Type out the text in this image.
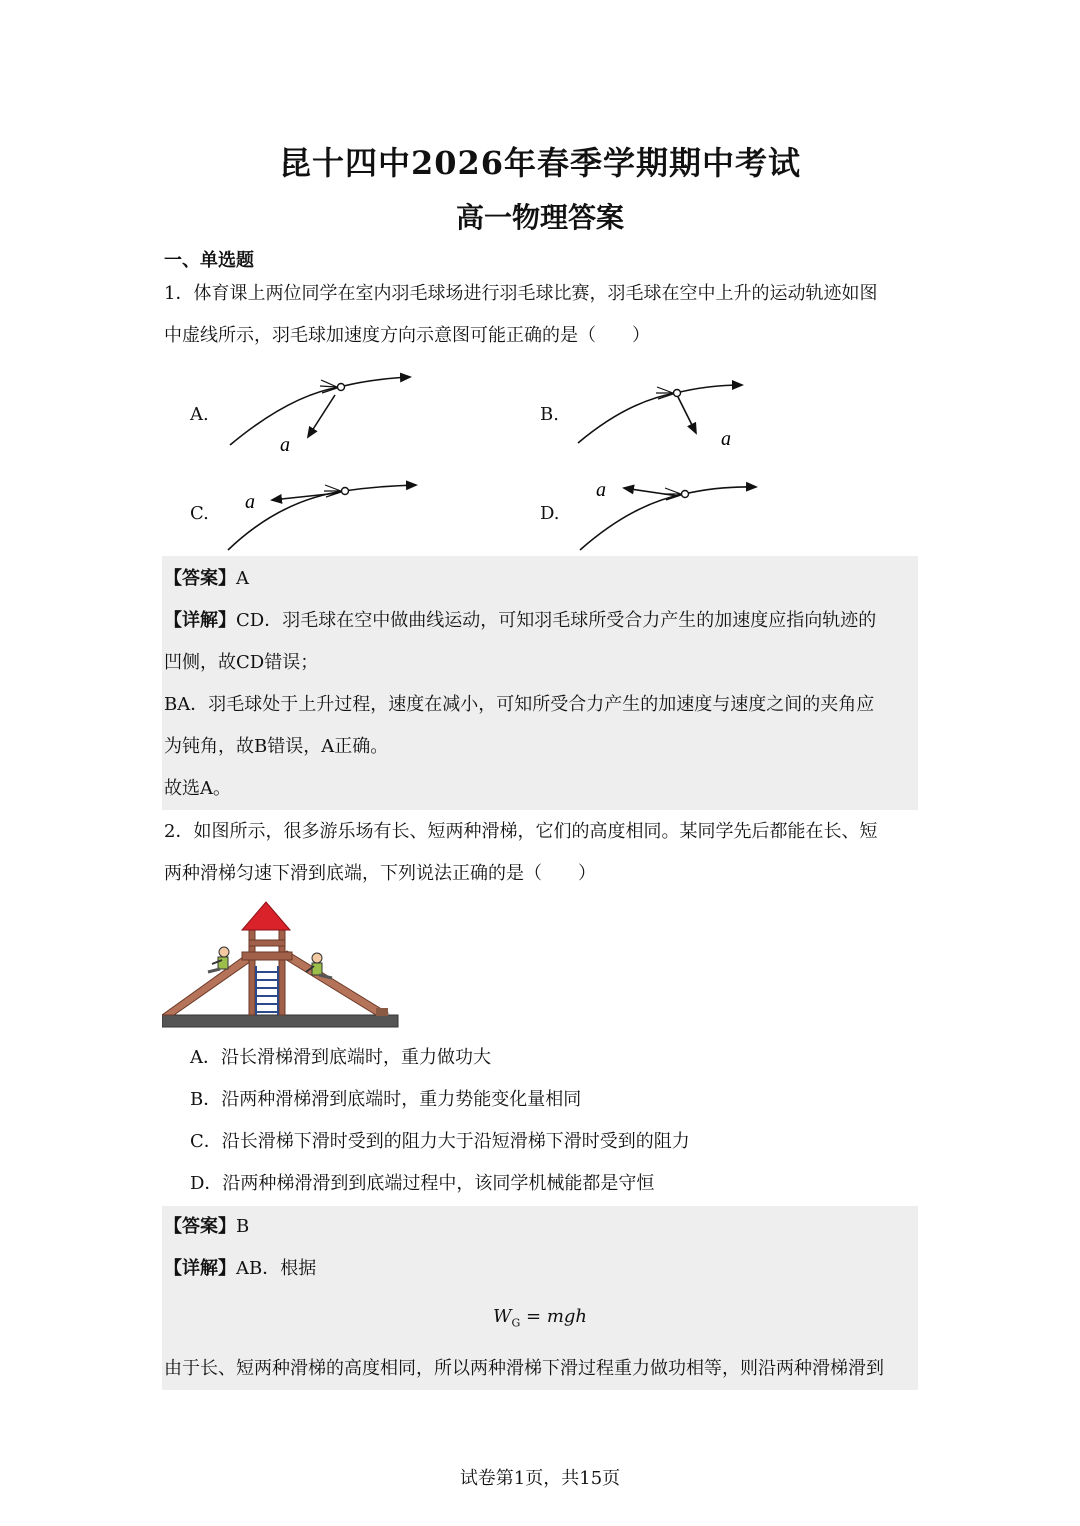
昆十四中2026年春季学期期中考试
高一物理答案
一、单选题
1．体育课上两位同学在室内羽毛球场进行羽毛球比赛，羽毛球在空中上升的运动轨迹如图
中虚线所示，羽毛球加速度方向示意图可能正确的是（　　）
A.	B.
C.	D.
a	a
a
a
【答案】A
【详解】CD．羽毛球在空中做曲线运动，可知羽毛球所受合力产生的加速度应指向轨迹的
凹侧，故CD错误；
BA．羽毛球处于上升过程，速度在减小，可知所受合力产生的加速度与速度之间的夹角应
为钝角，故B错误，A正确。
故选A。
2．如图所示，很多游乐场有长、短两种滑梯，它们的高度相同。某同学先后都能在长、短
两种滑梯匀速下滑到底端，下列说法正确的是（　　）
A．沿长滑梯滑到底端时，重力做功大
B．沿两种滑梯滑到底端时，重力势能变化量相同
C．沿长滑梯下滑时受到的阻力大于沿短滑梯下滑时受到的阻力
D．沿两种梯滑滑到到底端过程中，该同学机械能都是守恒
【答案】B
【详解】AB．根据
$W_G$ = mgh
由于长、短两种滑梯的高度相同，所以两种滑梯下滑过程重力做功相等，则沿两种滑梯滑到
试卷第1页，共15页
